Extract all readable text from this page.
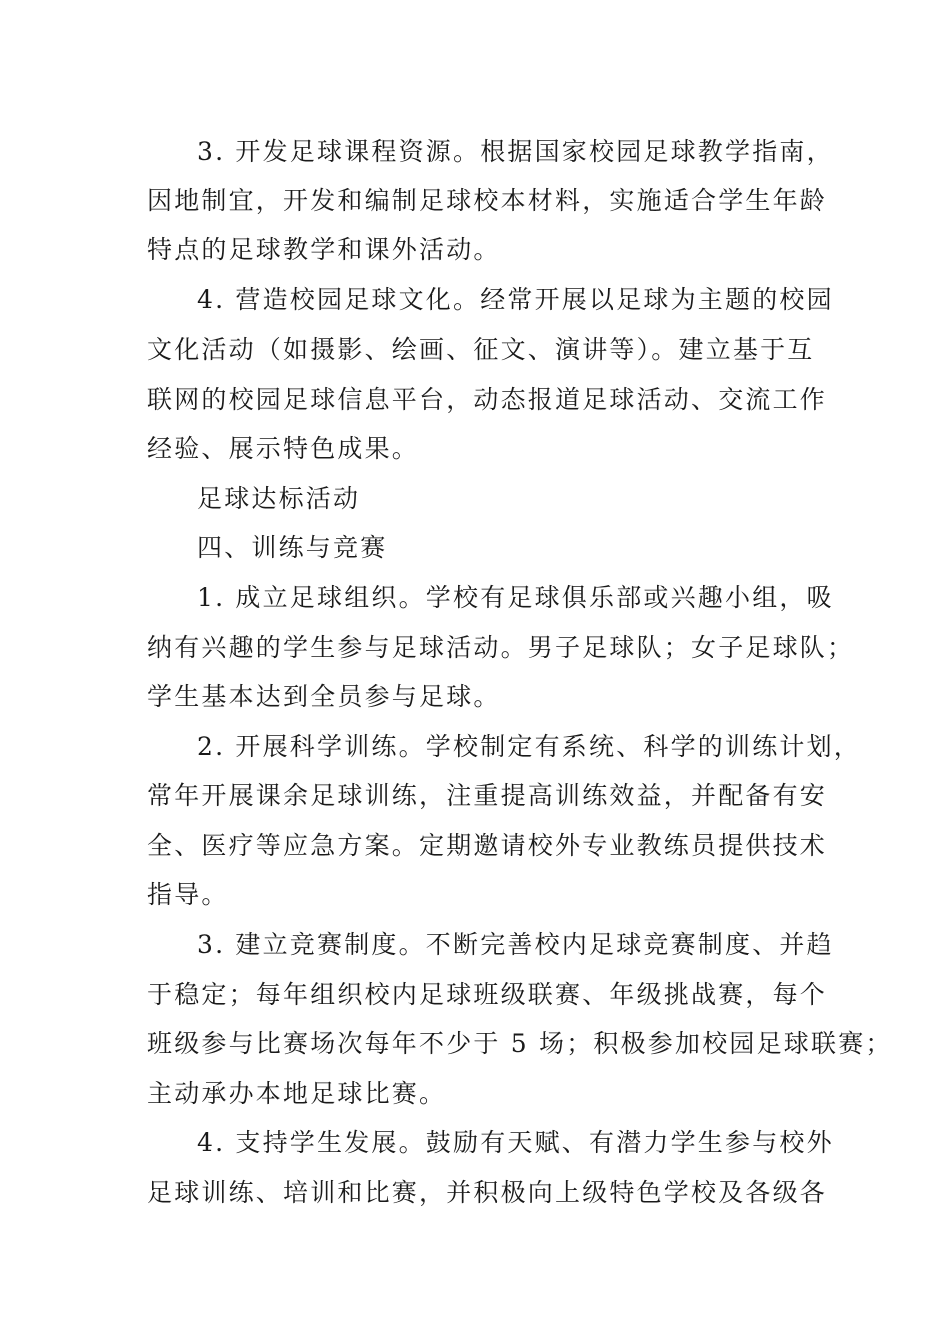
3. 开发足球课程资源。根据国家校园足球教学指南，
因地制宜，开发和编制足球校本材料，实施适合学生年龄
特点的足球教学和课外活动。
4. 营造校园足球文化。经常开展以足球为主题的校园
文化活动（如摄影、绘画、征文、演讲等）。建立基于互
联网的校园足球信息平台，动态报道足球活动、交流工作
经验、展示特色成果。
足球达标活动
四、训练与竞赛
1. 成立足球组织。学校有足球俱乐部或兴趣小组，吸
纳有兴趣的学生参与足球活动。男子足球队；女子足球队；
学生基本达到全员参与足球。
2. 开展科学训练。学校制定有系统、科学的训练计划，
常年开展课余足球训练，注重提高训练效益，并配备有安
全、医疗等应急方案。定期邀请校外专业教练员提供技术
指导。
3. 建立竞赛制度。不断完善校内足球竞赛制度、并趋
于稳定；每年组织校内足球班级联赛、年级挑战赛，每个
班级参与比赛场次每年不少于 5 场；积极参加校园足球联赛；
主动承办本地足球比赛。
4. 支持学生发展。鼓励有天赋、有潜力学生参与校外
足球训练、培训和比赛，并积极向上级特色学校及各级各
